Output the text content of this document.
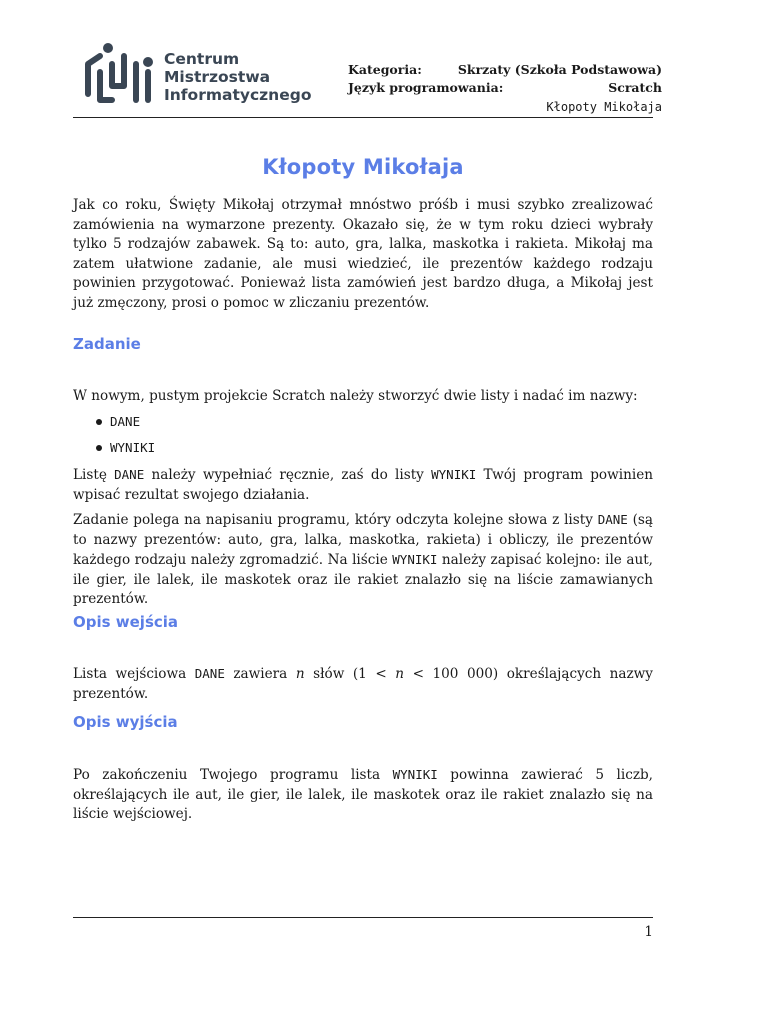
Centrum
Mistrzostwa
Informatycznego
Kategoria:
Język programowania:
Skrzaty (Szkoła Podstawowa)
Scratch
Kłopoty Mikołaja
Kłopoty Mikołaja
Jak co roku, Święty Mikołaj otrzymał mnóstwo próśb i musi szybko zrealizować zamówienia na wymarzone prezenty. Okazało się, że w tym roku dzieci wybrały tylko 5 rodzajów zabawek. Są to: auto, gra, lalka, maskotka i rakieta. Mikołaj ma zatem ułatwione zadanie, ale musi wiedzieć, ile prezentów każdego rodzaju powinien przygotować. Ponieważ lista zamówień jest bardzo długa, a Mikołaj jest już zmęczony, prosi o pomoc w zliczaniu prezentów.
Zadanie
W nowym, pustym projekcie Scratch należy stworzyć dwie listy i nadać im nazwy:
DANE
WYNIKI
Listę DANE należy wypełniać ręcznie, zaś do listy WYNIKI Twój program powinien wpisać rezultat swojego działania.
Zadanie polega na napisaniu programu, który odczyta kolejne słowa z listy DANE (są to nazwy prezentów: auto, gra, lalka, maskotka, rakieta) i obliczy, ile prezentów każdego rodzaju należy zgromadzić. Na liście WYNIKI należy zapisać kolejno: ile aut, ile gier, ile lalek, ile maskotek oraz ile rakiet znalazło się na liście zamawianych prezentów.
Opis wejścia
Lista wejściowa DANE zawiera n słów (1 < n < 100 000) określających nazwy prezentów.
Opis wyjścia
Po zakończeniu Twojego programu lista WYNIKI powinna zawierać 5 liczb, określających ile aut, ile gier, ile lalek, ile maskotek oraz ile rakiet znalazło się na liście wejściowej.
1
